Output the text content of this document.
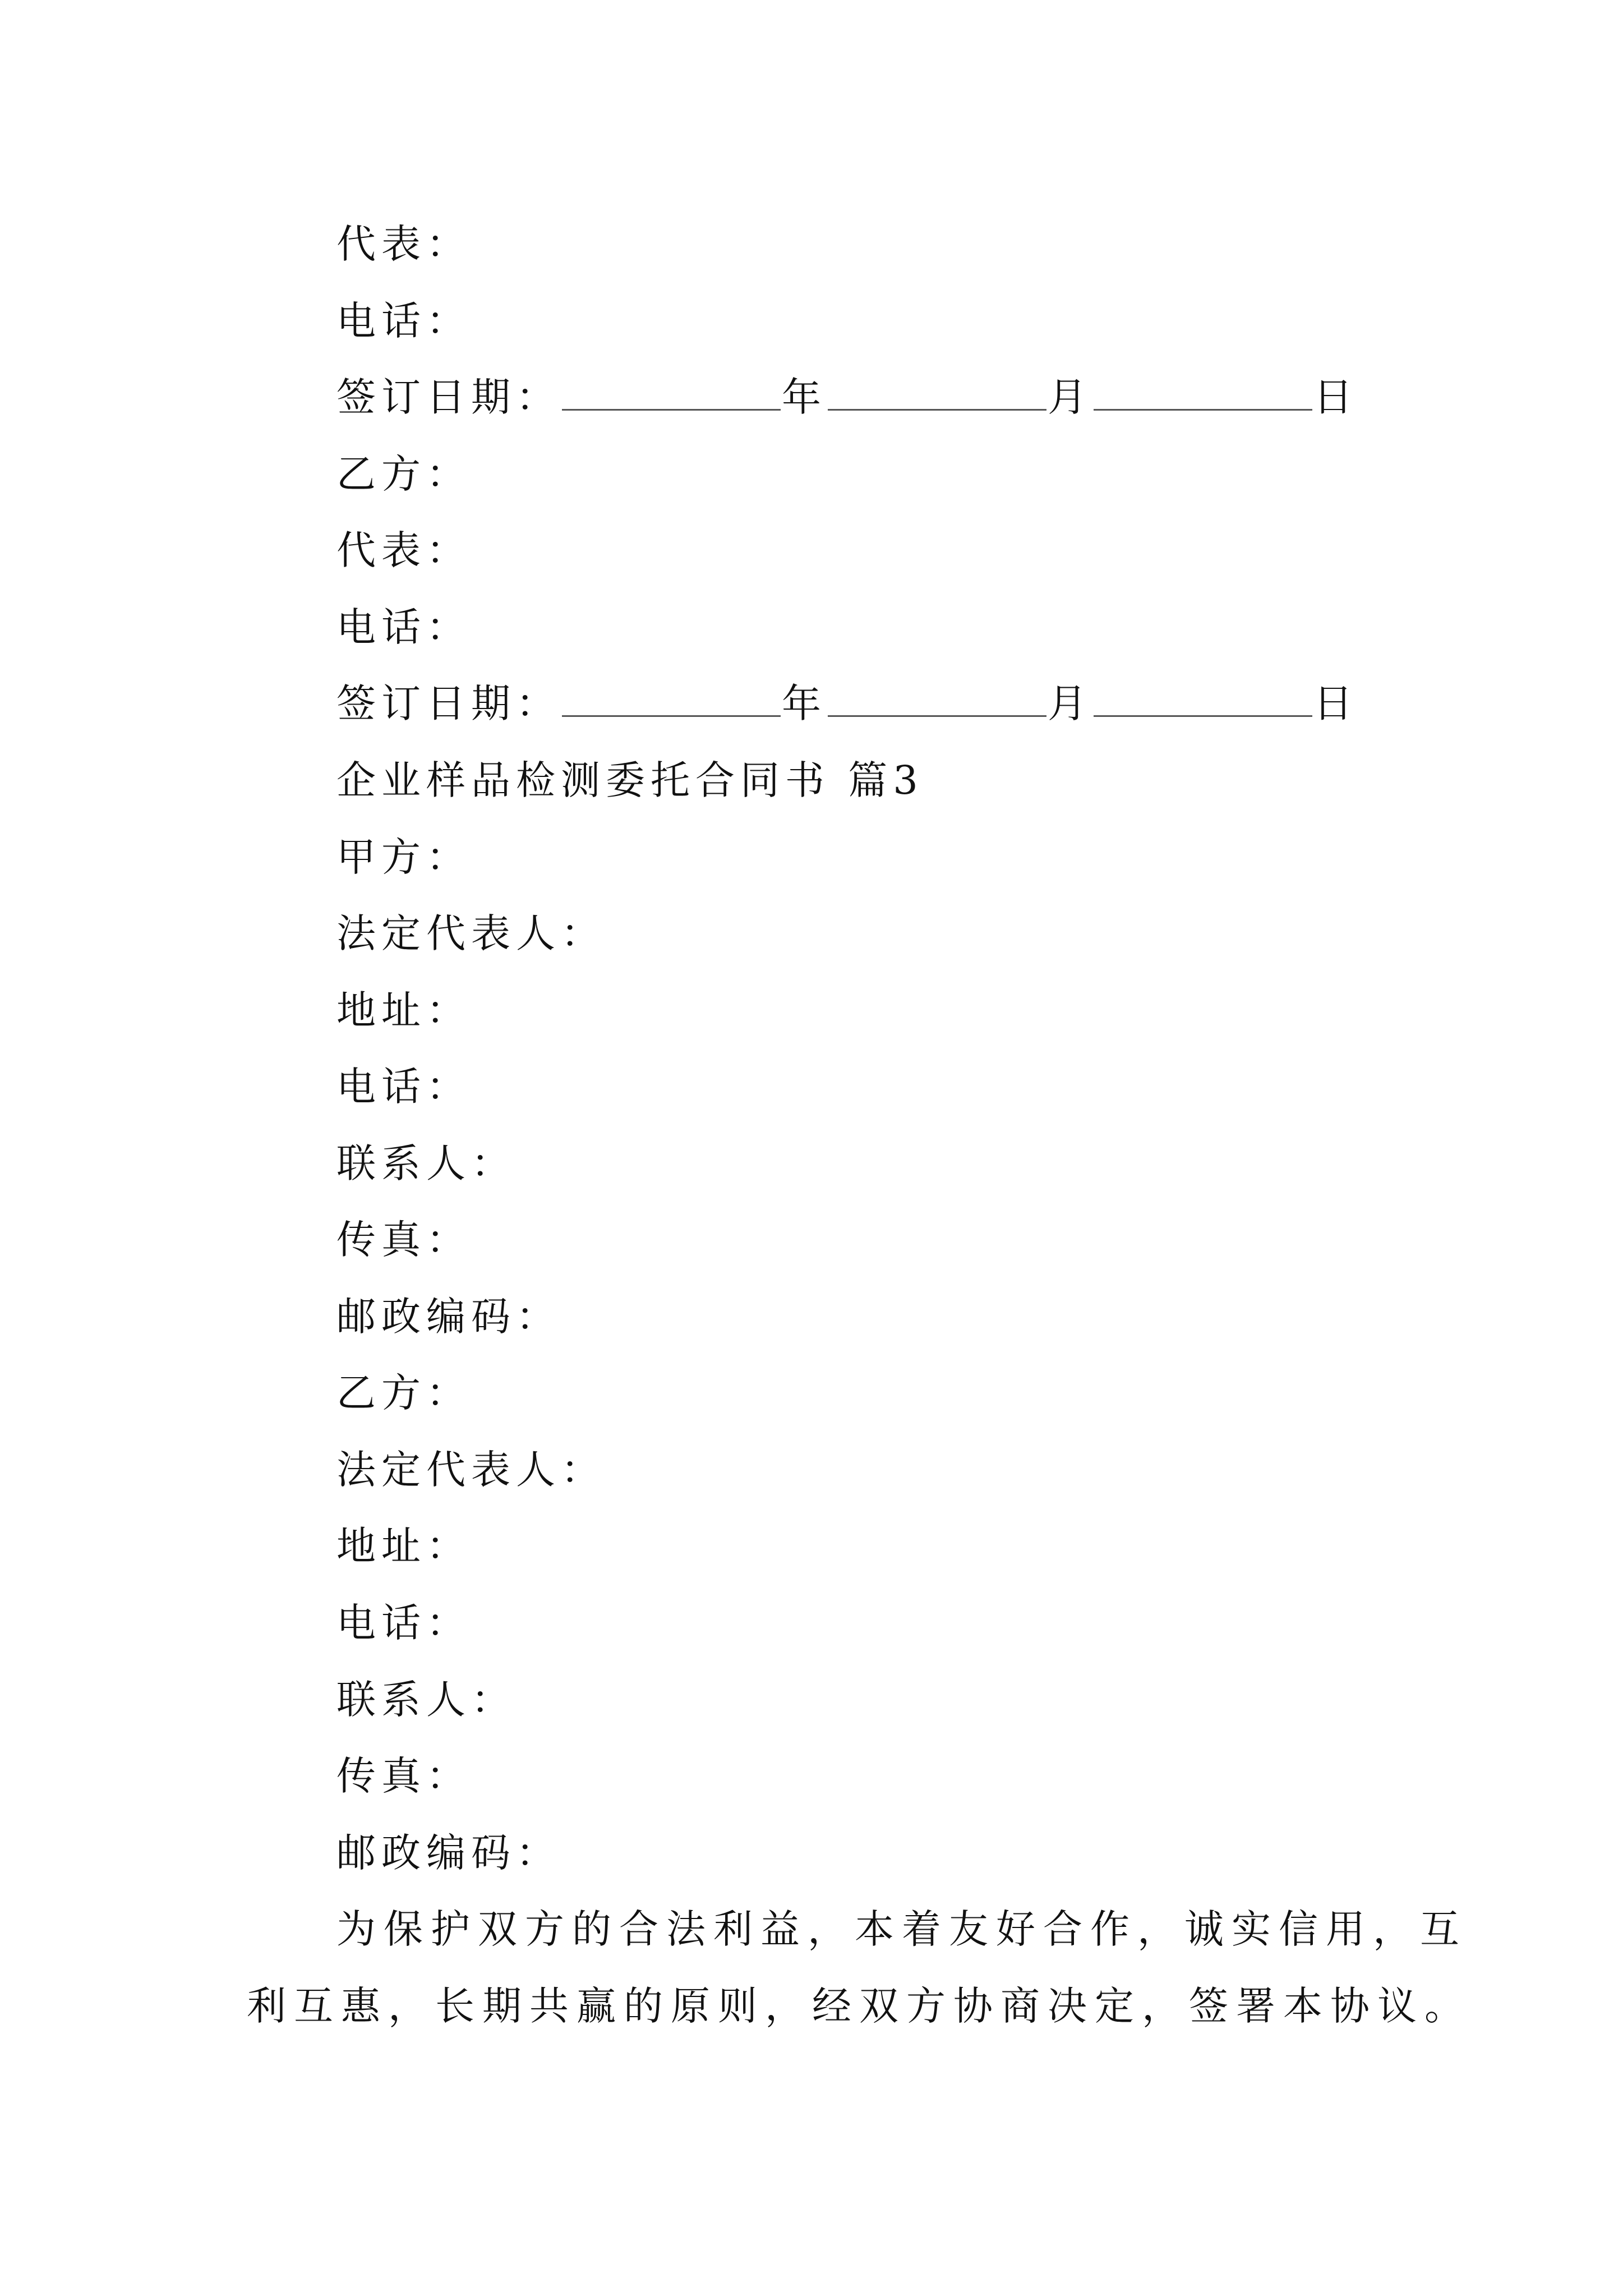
代表：
电话：
签订日期：	年	月	日
乙方：
代表：
电话：
签订日期：	年	月	日
企业样品检测委托合同书 篇3
甲方：
法定代表人：
地址：
电话：
联系人：
传真：
邮政编码：
乙方：
法定代表人：
地址：
电话：
联系人：
传真：
邮政编码：
为保护双方的合法利益，本着友好合作，诚实信用，互
利互惠，长期共赢的原则，经双方协商决定，签署本协议。
